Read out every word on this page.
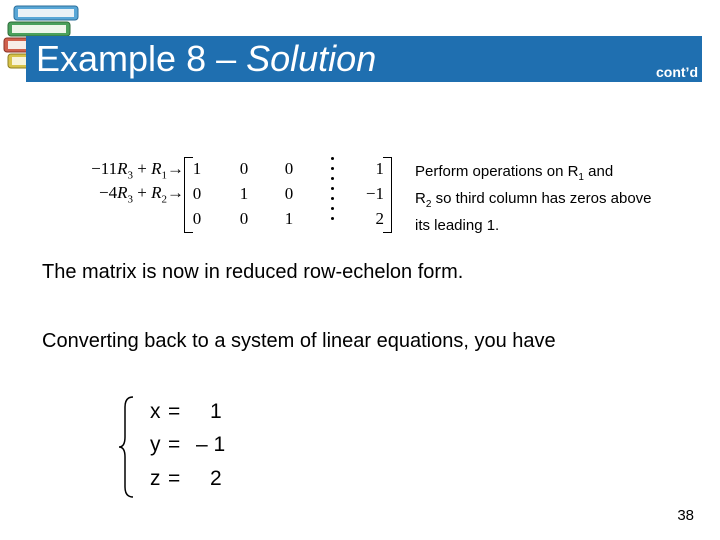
Example 8 – Solution	cont’d
$-11R_3 + R_1\to$
$-4R_3 + R_2\to$
1	0	0	1
0	1	0	−1
0	0	1	2
Perform operations on $R_1$ and
$R_2$ so third column has zeros above its leading 1.
The matrix is now in reduced row-echelon form.
Converting back to a system of linear equations, you have
x = 1
y = – 1
z = 2
38
